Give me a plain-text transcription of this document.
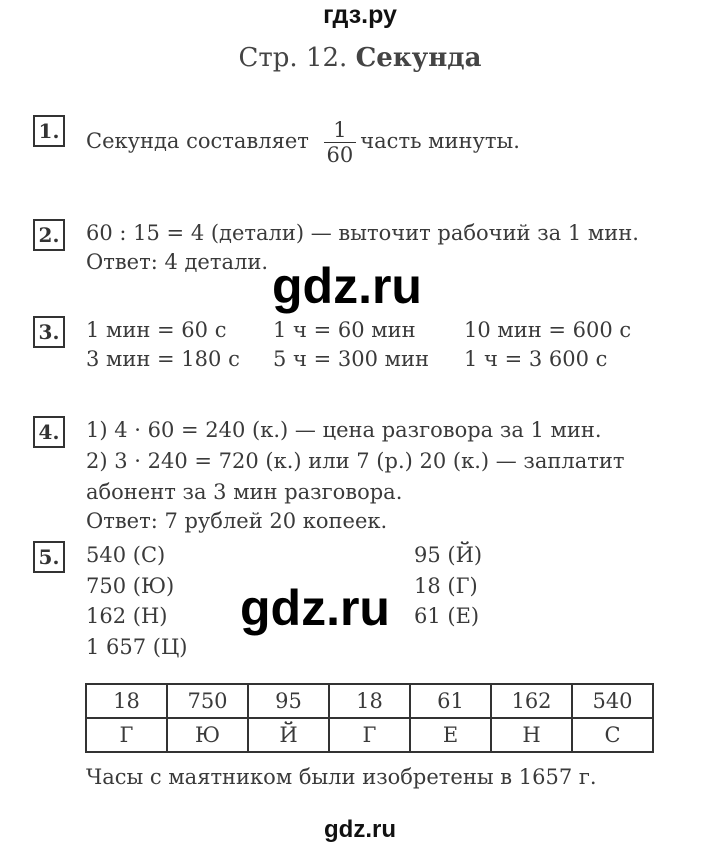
гдз.ру
Стр. 12. Секунда
1. Секунда составляет $\frac{1}{60}$ часть минуты.
2. 60 : 15 = 4 (детали) — выточит рабочий за 1 мин.
Ответ: 4 детали. gdz.ru
3. 1 мин = 60 с 1 ч = 60 мин 10 мин = 600 с
3 мин = 180 с 5 ч = 300 мин 1 ч = 3 600 с
4. 1) 4 · 60 = 240 (к.) — цена разговора за 1 мин.
2) 3 · 240 = 720 (к.) или 7 (р.) 20 (к.) — заплатит
абонент за 3 мин разговора.
Ответ: 7 рублей 20 копеек.
5. 540 (С)
750 (Ю)
162 (Н)
1 657 (Ц)
95 (Й)
18 (Г)
61 (Е)
gdz.ru
18	750	95	18	61	162	540
Г	Ю	Й	Г	Е	Н	С
Часы с маятником были изобретены в 1657 г.
gdz.ru
